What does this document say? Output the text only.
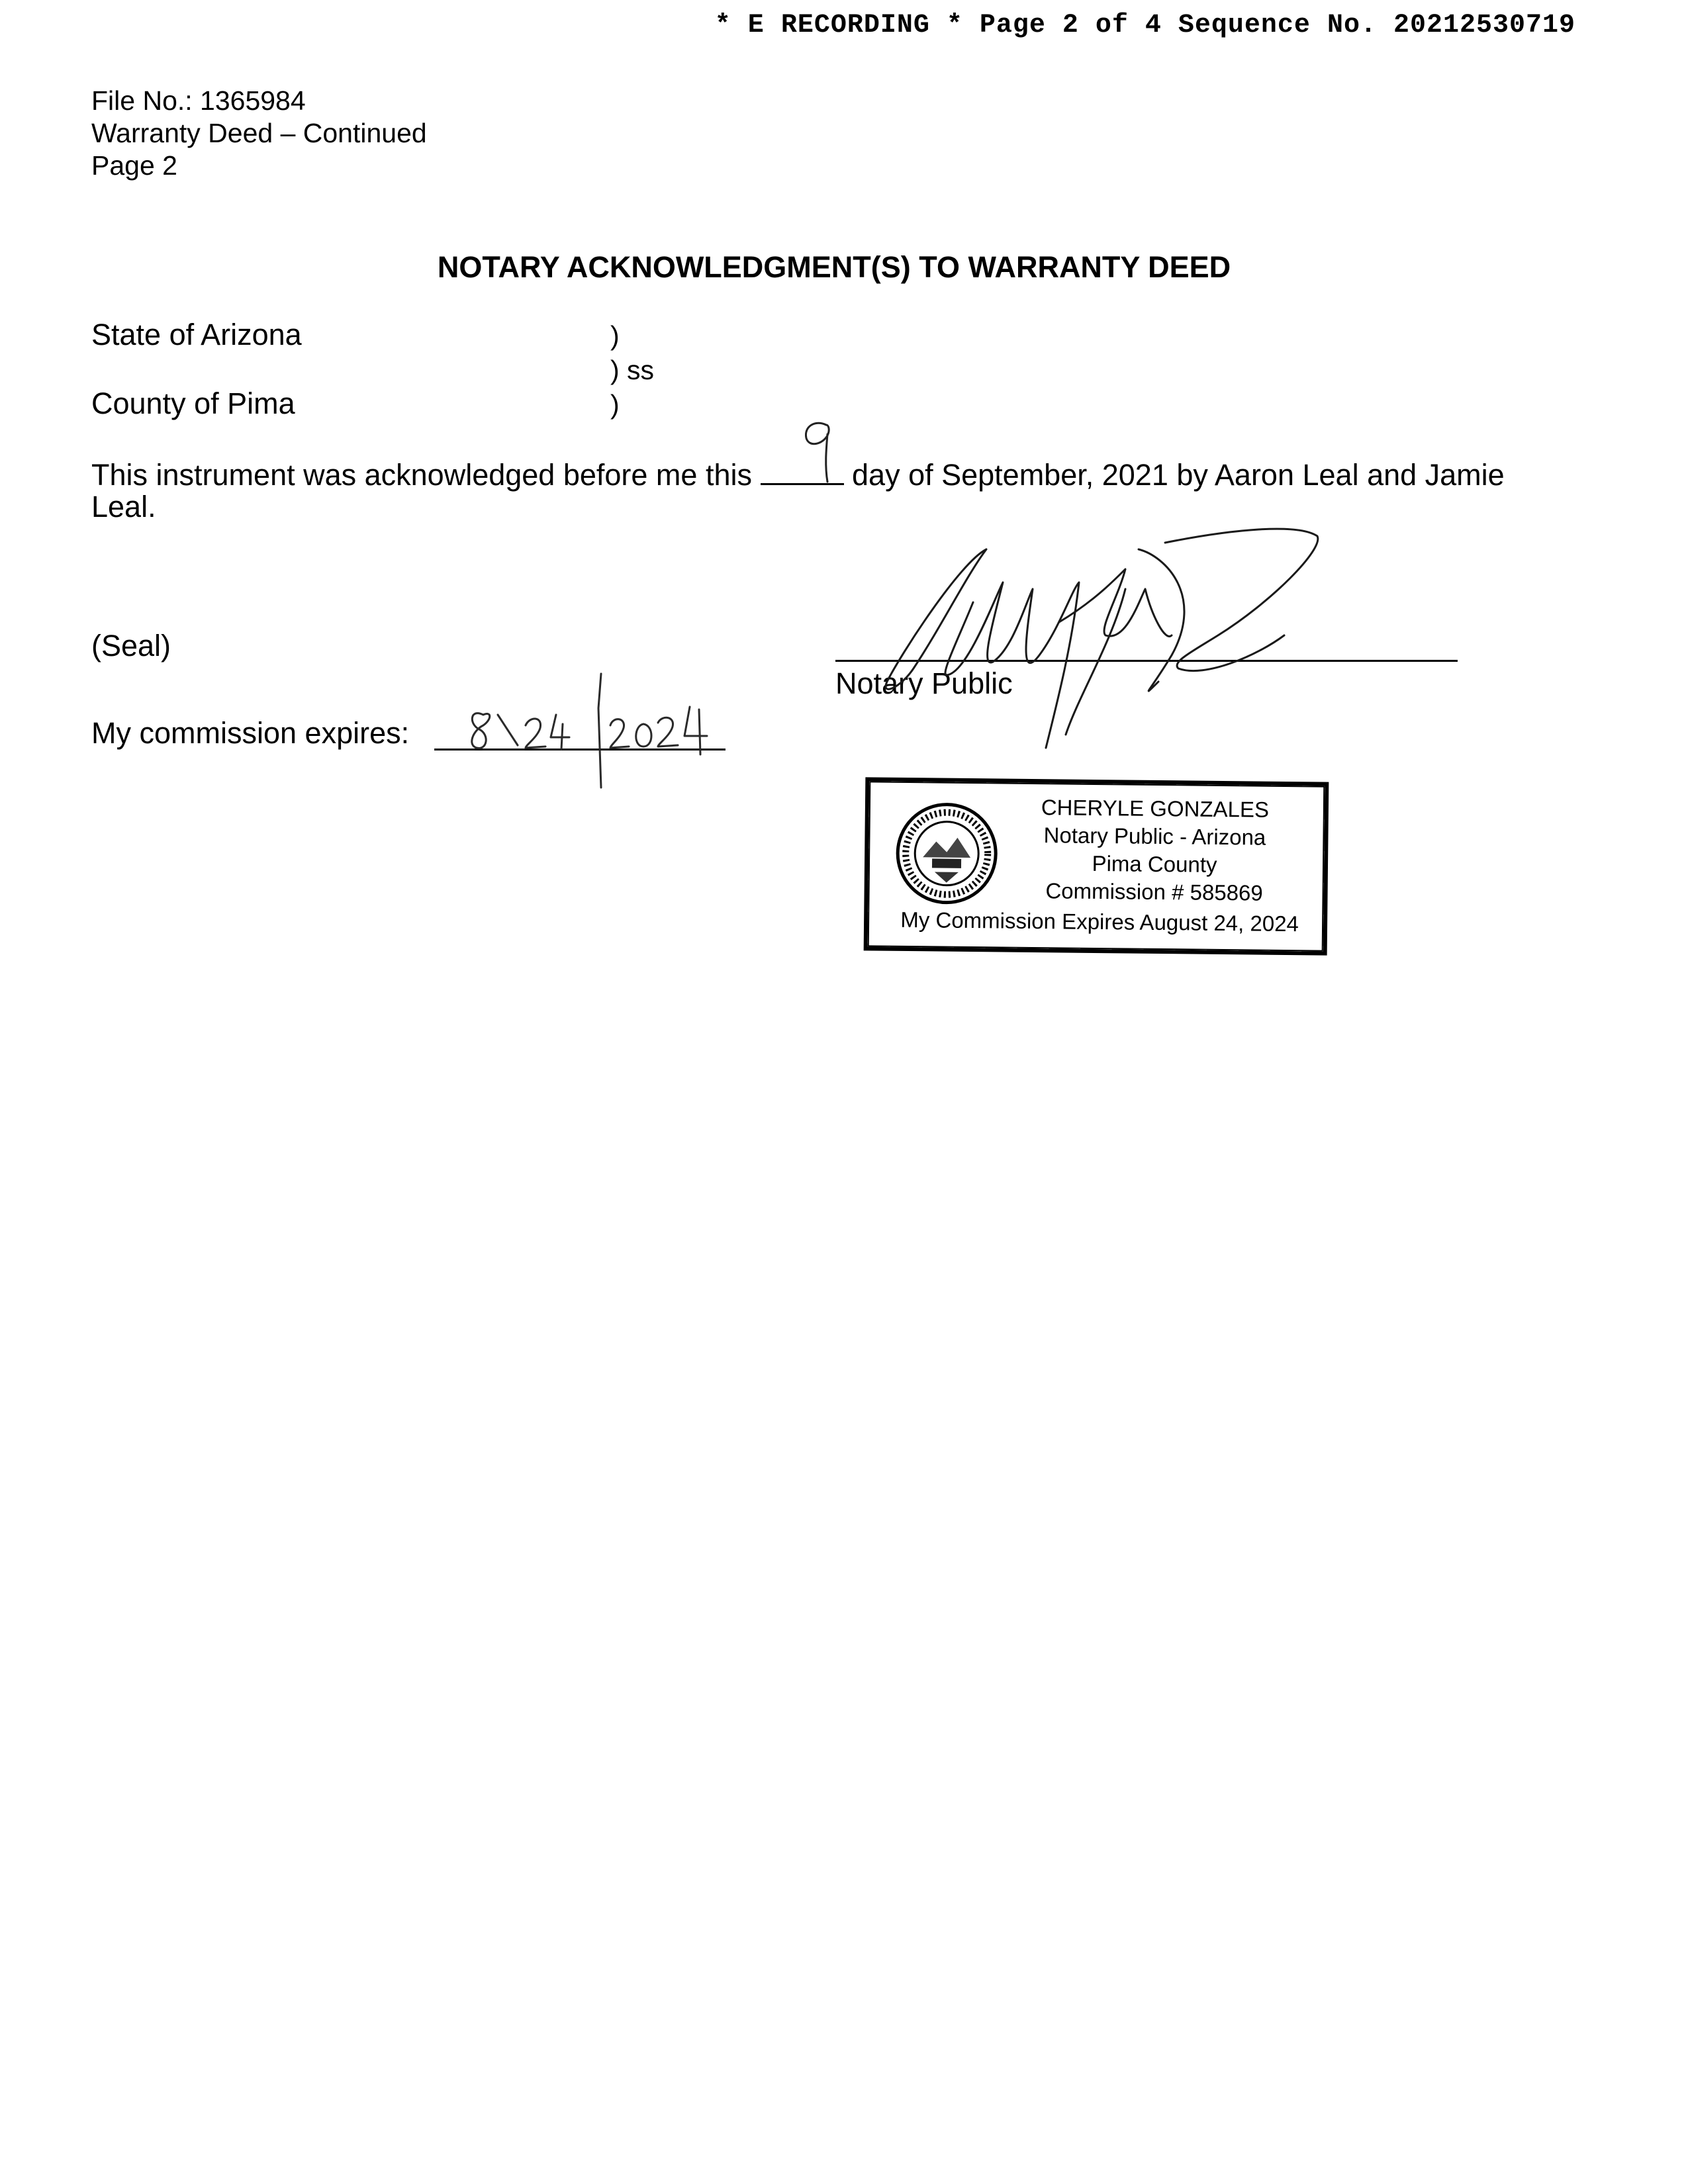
* E RECORDING * Page 2 of 4 Sequence No. 20212530719
File No.: 1365984
Warranty Deed – Continued
Page 2
NOTARY ACKNOWLEDGMENT(S) TO WARRANTY DEED
State of Arizona
County of Pima
)
) ss
)
This instrument was acknowledged before me this	day of September, 2021 by Aaron Leal and Jamie
Leal.
(Seal)
Notary Public
My commission expires:
CHERYLE GONZALES
Notary Public - Arizona
Pima County
Commission # 585869
My Commission Expires August 24, 2024
